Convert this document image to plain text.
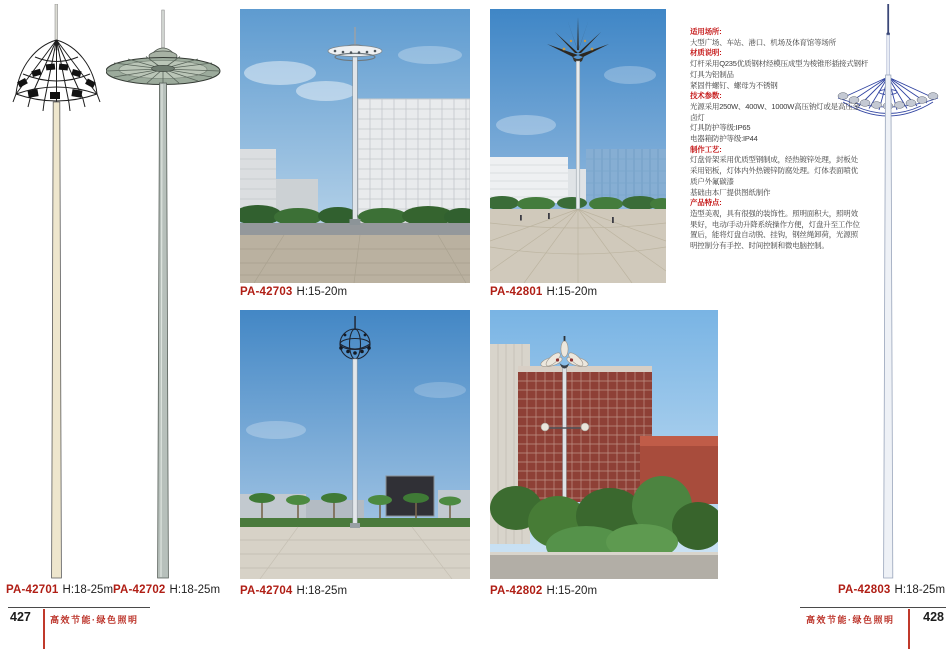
PA-42701 H:18-25m PA-42702 H:18-25m
PA-42703 H:15-20m
PA-42704 H:18-25m
PA-42801 H:15-20m
PA-42802 H:15-20m	PA-42803 H:18-25m
适用场所:
大型广场、车站、港口、机场及体育馆等场所
材质说明:
灯杆采用Q235优质钢材经模压成型为棱锥形插接式钢杆
灯具为铝制品
紧固件螺钉、螺母为不锈钢
技术参数:
光源采用250W、400W、1000W高压钠灯或是高压金
卤灯
灯具防护等级:IP65
电器箱防护等级:IP44
制作工艺:
灯盘骨架采用优质型钢制成，经热镀锌处理，封板处
采用铝板，灯体内外热镀锌防腐处理。灯体表面喷优
质户外氟碳漆
基础由本厂提供图纸制作
产品特点:
造型美观，具有很强的装饰性。照明面积大，照明效
果好，电动/手动升降系统操作方便，灯盘升至工作位
置后，能将灯盘自动脱、挂钩，钢丝绳卸荷，光源照
明控制分有手控、时间控制和微电脑控制。
427 高效节能·绿色照明	高效节能·绿色照明 428
